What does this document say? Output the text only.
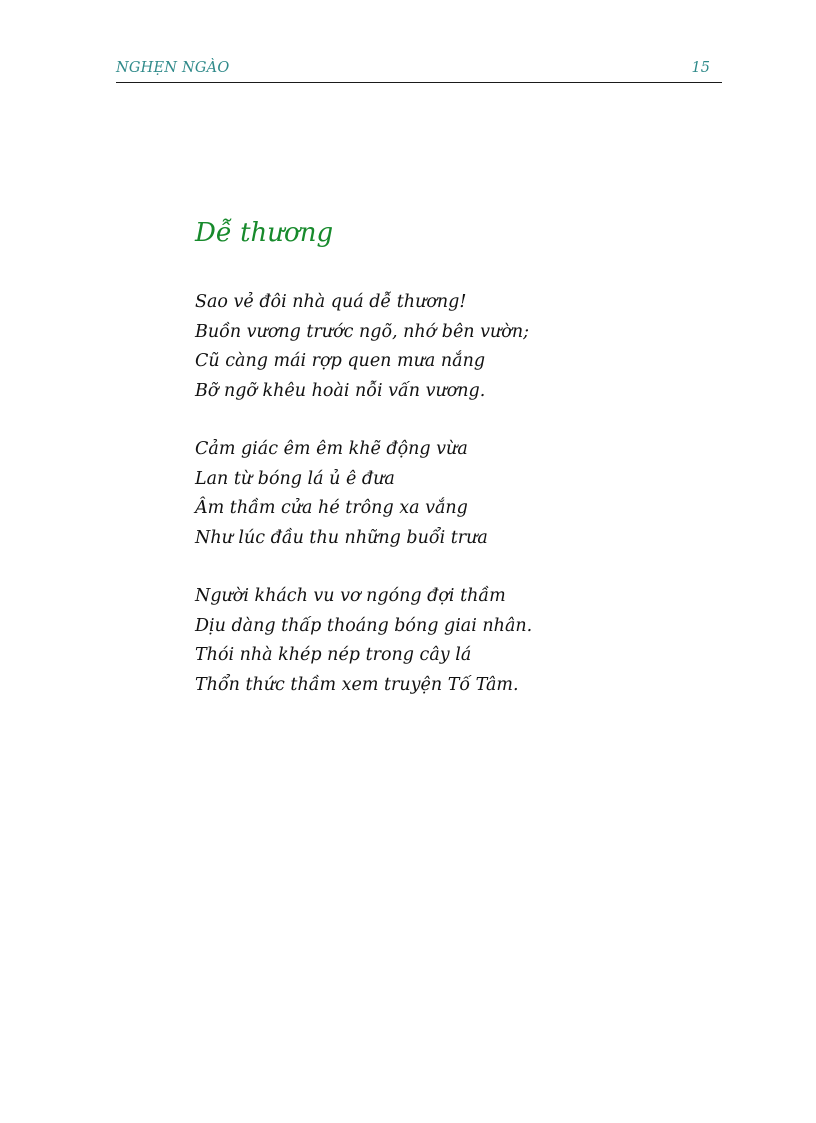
NGHẸN NGÀO	15
Dễ thương
Sao vẻ đôi nhà quá dễ thương!
Buồn vương trước ngõ, nhớ bên vườn;
Cũ càng mái rợp quen mưa nắng
Bỡ ngỡ khêu hoài nỗi vấn vương.
Cảm giác êm êm khẽ động vừa
Lan từ bóng lá ủ ê đưa
Âm thầm cửa hé trông xa vắng
Như lúc đầu thu những buổi trưa
Người khách vu vơ ngóng đợi thầm
Dịu dàng thấp thoáng bóng giai nhân.
Thói nhà khép nép trong cây lá
Thổn thức thầm xem truyện Tố Tâm.
